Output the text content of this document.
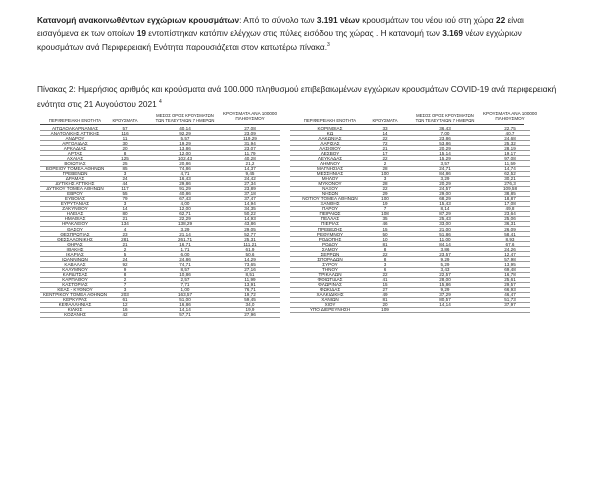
Κατανομή ανακοινωθέντων εγχώριων κρουσμάτων: Από το σύνολο των 3.191 νέων κρουσμάτων του νέου ιού στη χώρα 22 είναι εισαγόμενα εκ των οποίων 19 εντοπίστηκαν κατόπιν ελέγχων στις πύλες εισόδου της χώρας . Η κατανομή των 3.169 νέων εγχώριων κρουσμάτων ανά Περιφερειακή Ενότητα παρουσιάζεται στον κατωτέρω πίνακα.$^3$
Πίνακας 2: Ημερήσιος αριθμός και κρούσματα ανά 100.000 πληθυσμού επιβεβαιωμένων εγχώριων κρουσμάτων COVID-19 ανά περιφερειακή ενότητα στις 21 Αυγούστου 2021 $^4$
ΜΕΣΟΣ ΟΡΟΣ ΚΡΟΥΣΜΑΤΩΝ ΤΩΝ ΤΕΛΕΥΤΑΙΩΝ 7 ΗΜΕΡΩΝ
ΚΡΟΥΣΜΑΤΑ ΑΝΑ 100000 ΠΛΗΘΥΣΜΟΥ
ΠΕΡΙΦΕΡΕΙΑΚΗ ΕΝΟΤΗΤΑ	ΚΡΟΥΣΜΑΤΑ
ΜΕΣΟΣ ΟΡΟΣ ΚΡΟΥΣΜΑΤΩΝ ΤΩΝ ΤΕΛΕΥΤΑΙΩΝ 7 ΗΜΕΡΩΝ
ΚΡΟΥΣΜΑΤΑ ΑΝΑ 100000 ΠΛΗΘΥΣΜΟΥ
ΠΕΡΙΦΕΡΕΙΑΚΗ ΕΝΟΤΗΤΑ	ΚΡΟΥΣΜΑΤΑ
ΑΙΤΩΛΟΑΚΑΡΝΑΝΙΑΣ	57	40,14	27,08
ΑΝΑΤΟΛΙΚΗΣ ΑΤΤΙΚΗΣ	116	92,29	23,09
ΑΝΔΡΟΥ	11	5,57	119,29
ΑΡΓΟΛΙΔΑΣ	30	19,29	31,94
ΑΡΚΑΔΙΑΣ	20	13,86	23,07
ΑΡΤΑΣ	8	12,00	11,79
ΑΧΑΙΑΣ	125	102,43	40,28
ΒΟΙΩΤΙΑΣ	25	20,86	21,2
ΒΟΡΕΙΟΥ ΤΟΜΕΑ ΑΘΗΝΩΝ	85	74,86	14,37
ΓΡΕΒΕΝΩΝ	3	4,71	9,45
ΔΡΑΜΑΣ	24	16,43	24,42
ΔΥΤΙΚΗΣ ΑΤΤΙΚΗΣ	44	29,86	27,34
ΔΥΤΙΚΟΥ ΤΟΜΕΑ ΑΘΗΝΩΝ	117	91,29	23,89
ΕΒΡΟΥ	55	40,86	37,18
ΕΥΒΟΙΑΣ	79	67,43	37,47
ΕΥΡΥΤΑΝΙΑΣ	3	4,00	14,94
ΖΑΚΥΝΘΟΥ	14	12,00	34,35
ΗΛΕΙΑΣ	80	62,71	50,22
ΗΜΑΘΙΑΣ	21	22,29	14,93
ΗΡΑΚΛΕΙΟΥ	134	138,29	43,86
ΘΑΣΟΥ	4	3,29	29,05
ΘΕΣΠΡΩΤΙΑΣ	23	21,14	52,77
ΘΕΣΣΑΛΟΝΙΚΗΣ	281	261,71	25,31
ΘΗΡΑΣ	21	16,71	111,21
ΙΘΑΚΗΣ	2	1,71	61,9
ΙΚΑΡΙΑΣ	5	6,00	50,6
ΙΩΑΝΝΙΝΩΝ	24	24,86	14,29
ΚΑΒΑΛΑΣ	92	74,71	73,65
ΚΑΛΥΜΝΟΥ	9	8,57	27,16
ΚΑΡΔΙΤΣΑΣ	8	10,86	8,51
ΚΑΡΠΑΘΟΥ	2	2,57	11,99
ΚΑΣΤΟΡΙΑΣ	7	7,71	13,91
ΚΕΑΣ - ΚΥΘΝΟΥ	3	1,00	76,71
ΚΕΝΤΡΙΚΟΥ ΤΟΜΕΑ ΑΘΗΝΩΝ	203	163,57	19,72
ΚΕΡΚΥΡΑΣ	61	51,00	59,45
ΚΕΦΑΛΛΗΝΙΑΣ	12	16,86	34,0
ΚΙΛΚΙΣ	16	14,14	19,9
ΚΟΖΑΝΗΣ	42	57,71	27,96
ΚΟΡΙΝΘΙΑΣ	33	36,43	22,75
ΚΩ	14	7,00	40,7
ΛΑΚΩΝΙΑΣ	22	23,86	24,68
ΛΑΡΙΣΑΣ	72	53,86	25,32
ΛΑΣΙΘΙΟΥ	21	20,29	28,19
ΛΕΣΒΟΥ	17	15,14	19,17
ΛΕΥΚΑΔΑΣ	22	15,29	97,08
ΛΗΜΝΟΥ	2	3,57	11,59
ΜΑΓΝΗΣΙΑΣ	28	24,71	14,74
ΜΕΣΣΗΝΙΑΣ	100	84,86	62,52
ΜΗΛΟΥ	3	3,29	30,21
ΜΥΚΟΝΟΥ	28	20,29	276,3
ΝΑΞΟΥ	22	24,57	109,58
ΝΗΣΩΝ	29	29,00	38,85
ΝΟΤΙΟΥ ΤΟΜΕΑ ΑΘΗΝΩΝ	100	68,29	18,87
ΞΑΝΘΗΣ	19	15,43	17,08
ΠΑΡΟΥ	7	8,14	49,8
ΠΕΙΡΑΙΩΣ	108	87,29	23,64
ΠΕΛΛΑΣ	35	25,43	25,06
ΠΙΕΡΙΑΣ	46	33,00	36,31
ΠΡΕΒΕΖΗΣ	15	21,00	26,09
ΡΕΘΥΜΝΟΥ	50	51,86	58,41
ΡΟΔΟΠΗΣ	10	11,00	8,93
ΡΟΔΟΥ	81	84,14	67,6
ΣΑΜΟΥ	8	3,86	24,26
ΣΕΡΡΩΝ	22	23,57	12,47
ΣΠΟΡΑΔΩΝ	8	9,29	57,98
ΣΥΡΟΥ	3	5,29	13,95
ΤΗΝΟΥ	6	3,43	69,48
ΤΡΙΚΑΛΩΝ	22	22,57	16,78
ΦΘΙΩΤΙΔΑΣ	41	28,00	25,61
ΦΛΩΡΙΝΑΣ	15	15,86	29,57
ΦΩΚΙΔΑΣ	27	9,29	66,93
ΧΑΛΚΙΔΙΚΗΣ	49	37,29	46,47
ΧΑΝΙΩΝ	81	80,57	51,73
ΧΙΟΥ	20	14,14	37,97
ΥΠΟ ΔΙΕΡΕΥΝΗΣΗ	109
